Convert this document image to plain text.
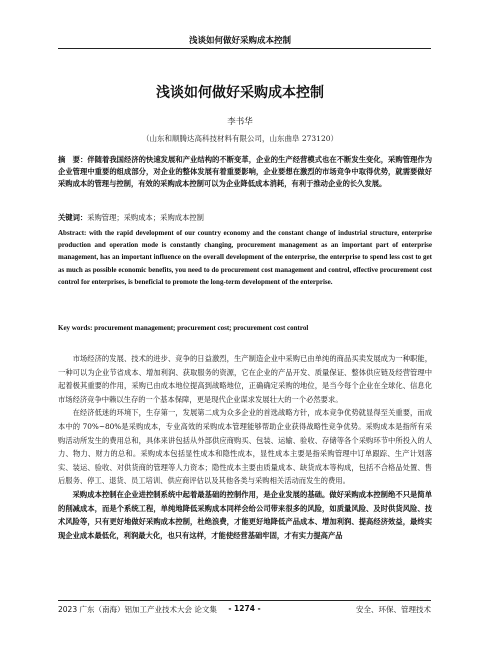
浅谈如何做好采购成本控制
浅谈如何做好采购成本控制
李书华
（山东和顺腾达高科技材料有限公司，山东曲阜 273120）
摘　要：伴随着我国经济的快速发展和产业结构的不断变革，企业的生产经营模式也在不断发生变化，采购管理作为企业管理中重要的组成部分，对企业的整体发展有着重要影响，企业要想在激烈的市场竞争中取得优势，就需要做好采购成本的管理与控制，有效的采购成本控制可以为企业降低成本消耗，有利于推动企业的长久发展。
关键词：采购管理；采购成本；采购成本控制
Abstract: with the rapid development of our country economy and the constant change of industrial structure, enterprise production and operation mode is constantly changing, procurement management as an important part of enterprise management, has an important influence on the overall development of the enterprise, the enterprise to spend less cost to get as much as possible economic benefits, you need to do procurement cost management and control, effective procurement cost control for enterprises, is beneficial to promote the long-term development of the enterprise.
Key words: procurement management; procurement cost; procurement cost control

市场经济的发展、技术的进步、竞争的日益激烈，生产制造企业中采购已由单纯的商品买卖发展成为一种职能，一种可以为企业节省成本、增加利润、获取服务的资源，它在企业的产品开发、质量保证、整体供应链及经营管理中起着极其重要的作用，采购已由成本地位提高到战略地位，正确确定采购的地位，是当今每个企业在全球化、信息化市场经济竞争中赖以生存的一个基本保障，更是现代企业谋求发展壮大的一个必然要求。

在经济低迷的环境下，生存第一，发展第二成为众多企业的首选战略方针，成本竞争优势就显得至关重要，而成本中的 70%~80%是采购成本，专业高效的采购成本管理能够帮助企业获得战略性竞争优势。采购成本是指所有采购活动所发生的费用总和，具体来讲包括从外部供应商购买、包装、运输、验收、存储等各个采购环节中所投入的人力、物力、财力的总和。采购成本包括显性成本和隐性成本，显性成本主要是指采购管理中订单跟踪、生产计划落实、装运、验收、对供货商的管理等人力资本；隐性成本主要由质量成本、缺货成本等构成，包括不合格品处置、售后服务、停工、退货、员工培训、供应商评估以及其他各类与采购相关活动而发生的费用。

采购成本控制在企业进控制系统中起着最基础的控制作用，是企业发展的基础。做好采购成本控制绝不只是简单的削减成本，而是个系统工程，单纯地降低采购成本同样会给公司带来很多的风险，如质量风险、及时供货风险、技术风险等，只有更好地做好采购成本控制，杜绝浪费，才能更好地降低产品成本、增加利润、提高经济效益，最终实现企业成本最低化，利润最大化，也只有这样，才能使经营基础牢固，才有实力提高产品

2023 广东（南海）铝加工产业技术大会 论文集	- 1274 -	安全、环保、管理技术
